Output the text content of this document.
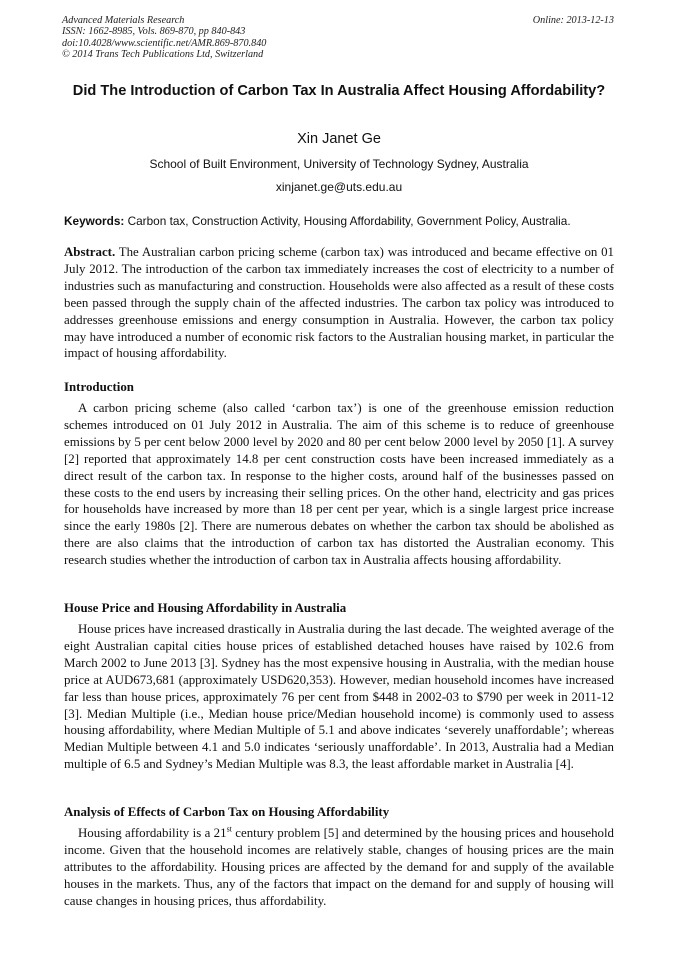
Advanced Materials Research
ISSN: 1662-8985, Vols. 869-870, pp 840-843
doi:10.4028/www.scientific.net/AMR.869-870.840
© 2014 Trans Tech Publications Ltd, Switzerland
Online: 2013-12-13
Did The Introduction of Carbon Tax In Australia Affect Housing Affordability?
Xin Janet Ge
School of Built Environment, University of Technology Sydney, Australia
xinjanet.ge@uts.edu.au
Keywords: Carbon tax, Construction Activity, Housing Affordability, Government Policy, Australia.
Abstract. The Australian carbon pricing scheme (carbon tax) was introduced and became effective on 01 July 2012. The introduction of the carbon tax immediately increases the cost of electricity to a number of industries such as manufacturing and construction. Households were also affected as a result of these costs been passed through the supply chain of the affected industries. The carbon tax policy was introduced to addresses greenhouse emissions and energy consumption in Australia. However, the carbon tax policy may have introduced a number of economic risk factors to the Australian housing market, in particular the impact of housing affordability.
Introduction
A carbon pricing scheme (also called ‘carbon tax’) is one of the greenhouse emission reduction schemes introduced on 01 July 2012 in Australia. The aim of this scheme is to reduce of greenhouse emissions by 5 per cent below 2000 level by 2020 and 80 per cent below 2000 level by 2050 [1]. A survey [2] reported that approximately 14.8 per cent construction costs have been increased immediately as a direct result of the carbon tax. In response to the higher costs, around half of the businesses passed on these costs to the end users by increasing their selling prices. On the other hand, electricity and gas prices for households have increased by more than 18 per cent per year, which is a single largest price increase since the early 1980s [2]. There are numerous debates on whether the carbon tax should be abolished as there are also claims that the introduction of carbon tax has distorted the Australian economy. This research studies whether the introduction of carbon tax in Australia affects housing affordability.
House Price and Housing Affordability in Australia
House prices have increased drastically in Australia during the last decade. The weighted average of the eight Australian capital cities house prices of established detached houses have raised by 102.6 from March 2002 to June 2013 [3]. Sydney has the most expensive housing in Australia, with the median house price at AUD673,681 (approximately USD620,353). However, median household incomes have increased far less than house prices, approximately 76 per cent from $448 in 2002-03 to $790 per week in 2011-12 [3]. Median Multiple (i.e., Median house price/Median household income) is commonly used to assess housing affordability, where Median Multiple of 5.1 and above indicates ‘severely unaffordable’; whereas Median Multiple between 4.1 and 5.0 indicates ‘seriously unaffordable’. In 2013, Australia had a Median multiple of 6.5 and Sydney’s Median Multiple was 8.3, the least affordable market in Australia [4].
Analysis of Effects of Carbon Tax on Housing Affordability
Housing affordability is a 21st century problem [5] and determined by the housing prices and household income. Given that the household incomes are relatively stable, changes of housing prices are the main attributes to the affordability. Housing prices are affected by the demand for and supply of the available houses in the markets. Thus, any of the factors that impact on the demand for and supply of housing will cause changes in housing prices, thus affordability.
